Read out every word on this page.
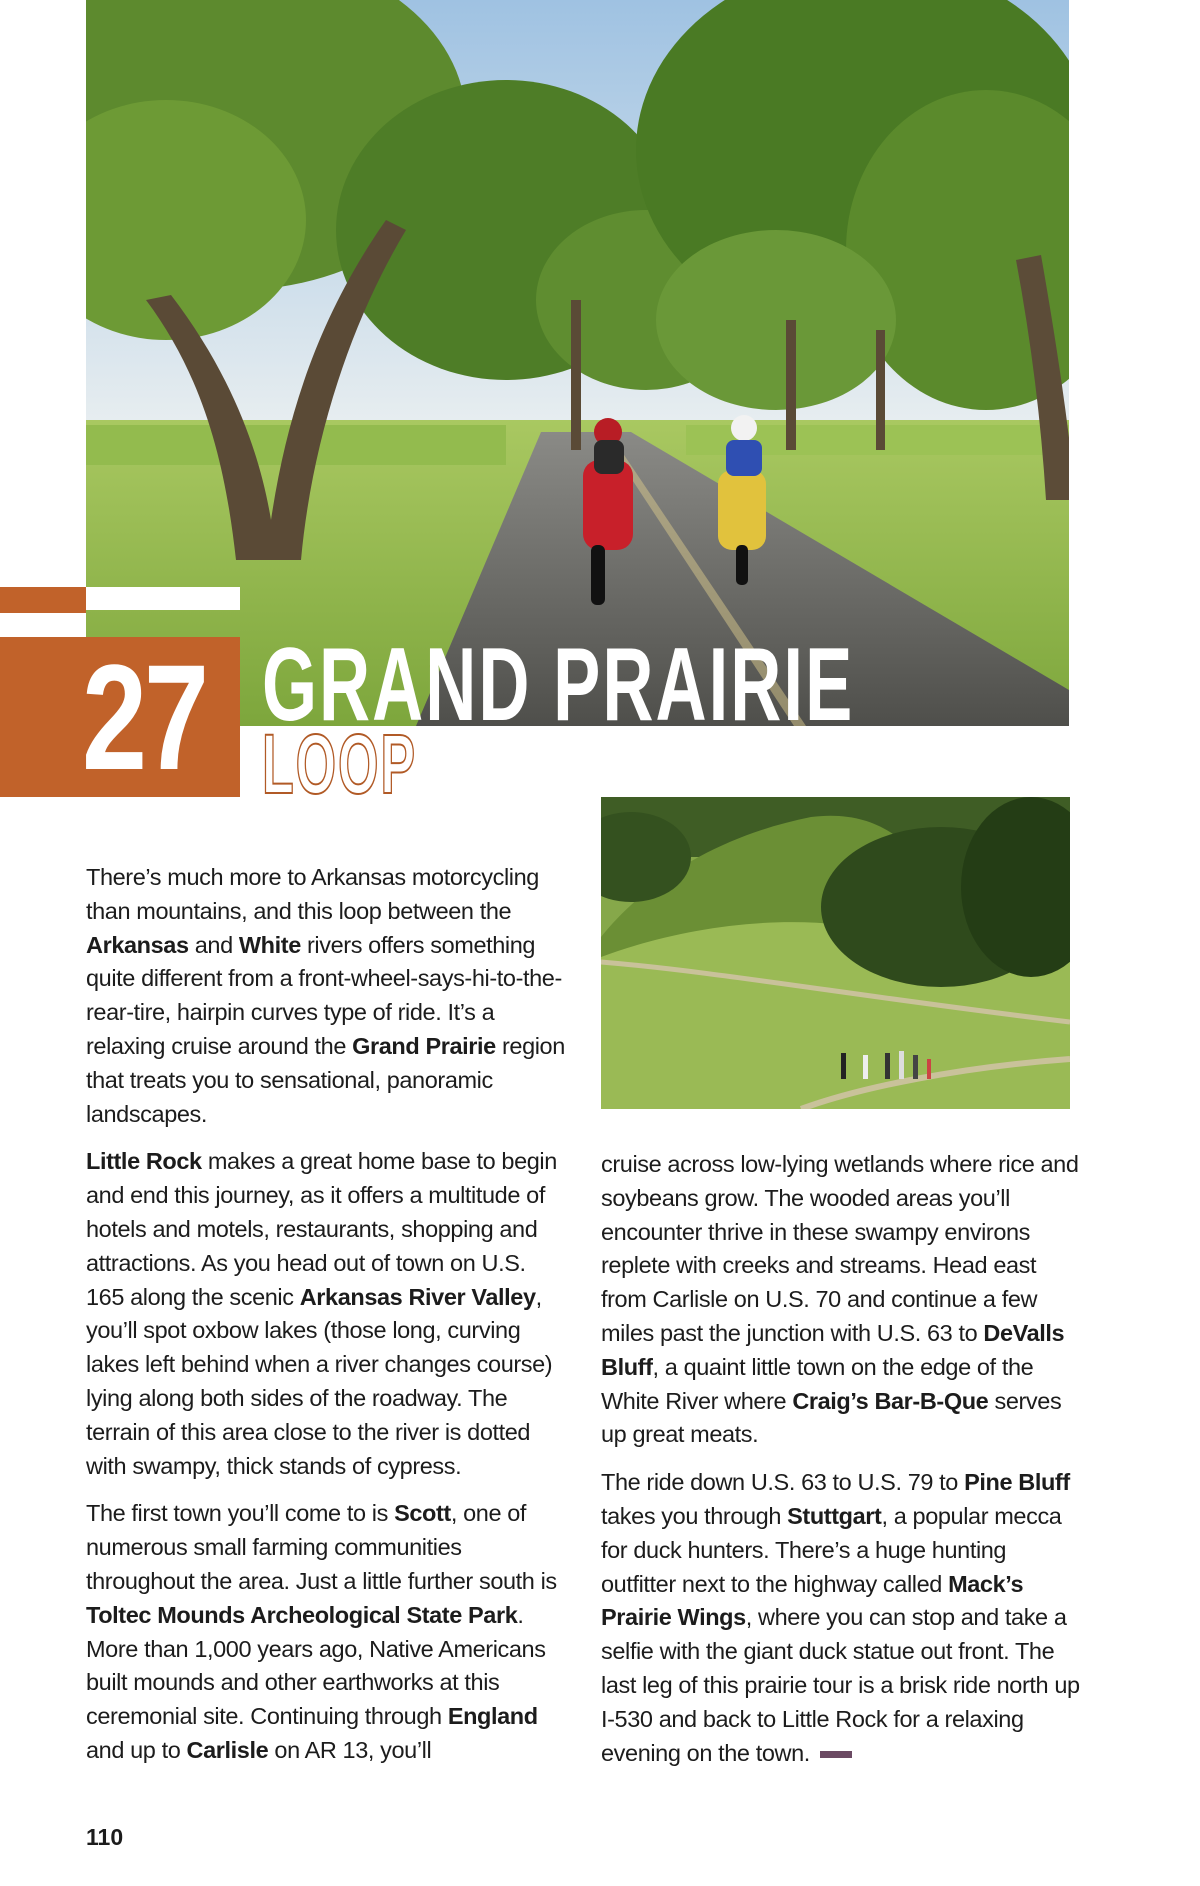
27 GRAND PRAIRIE
LOOP

There’s much more to Arkansas motorcycling than mountains, and this loop between the Arkansas and White rivers offers something quite different from a front-wheel-says-hi-to-the-rear-tire, hairpin curves type of ride. It’s a relaxing cruise around the Grand Prairie region that treats you to sensational, panoramic landscapes.

Little Rock makes a great home base to begin and end this journey, as it offers a multitude of hotels and motels, restaurants, shopping and attractions. As you head out of town on U.S. 165 along the scenic Arkansas River Valley, you’ll spot oxbow lakes (those long, curving lakes left behind when a river changes course) lying along both sides of the roadway. The terrain of this area close to the river is dotted with swampy, thick stands of cypress.

The first town you’ll come to is Scott, one of numerous small farming communities throughout the area. Just a little further south is Toltec Mounds Archeological State Park. More than 1,000 years ago, Native Americans built mounds and other earthworks at this ceremonial site. Continuing through England and up to Carlisle on AR 13, you’ll

cruise across low-lying wetlands where rice and soybeans grow. The wooded areas you’ll encounter thrive in these swampy environs replete with creeks and streams. Head east from Carlisle on U.S. 70 and continue a few miles past the junction with U.S. 63 to DeValls Bluff, a quaint little town on the edge of the White River where Craig’s Bar-B-Que serves up great meats.

The ride down U.S. 63 to U.S. 79 to Pine Bluff takes you through Stuttgart, a popular mecca for duck hunters. There’s a huge hunting outfitter next to the highway called Mack’s Prairie Wings, where you can stop and take a selfie with the giant duck statue out front. The last leg of this prairie tour is a brisk ride north up I-530 and back to Little Rock for a relaxing evening on the town.

110
